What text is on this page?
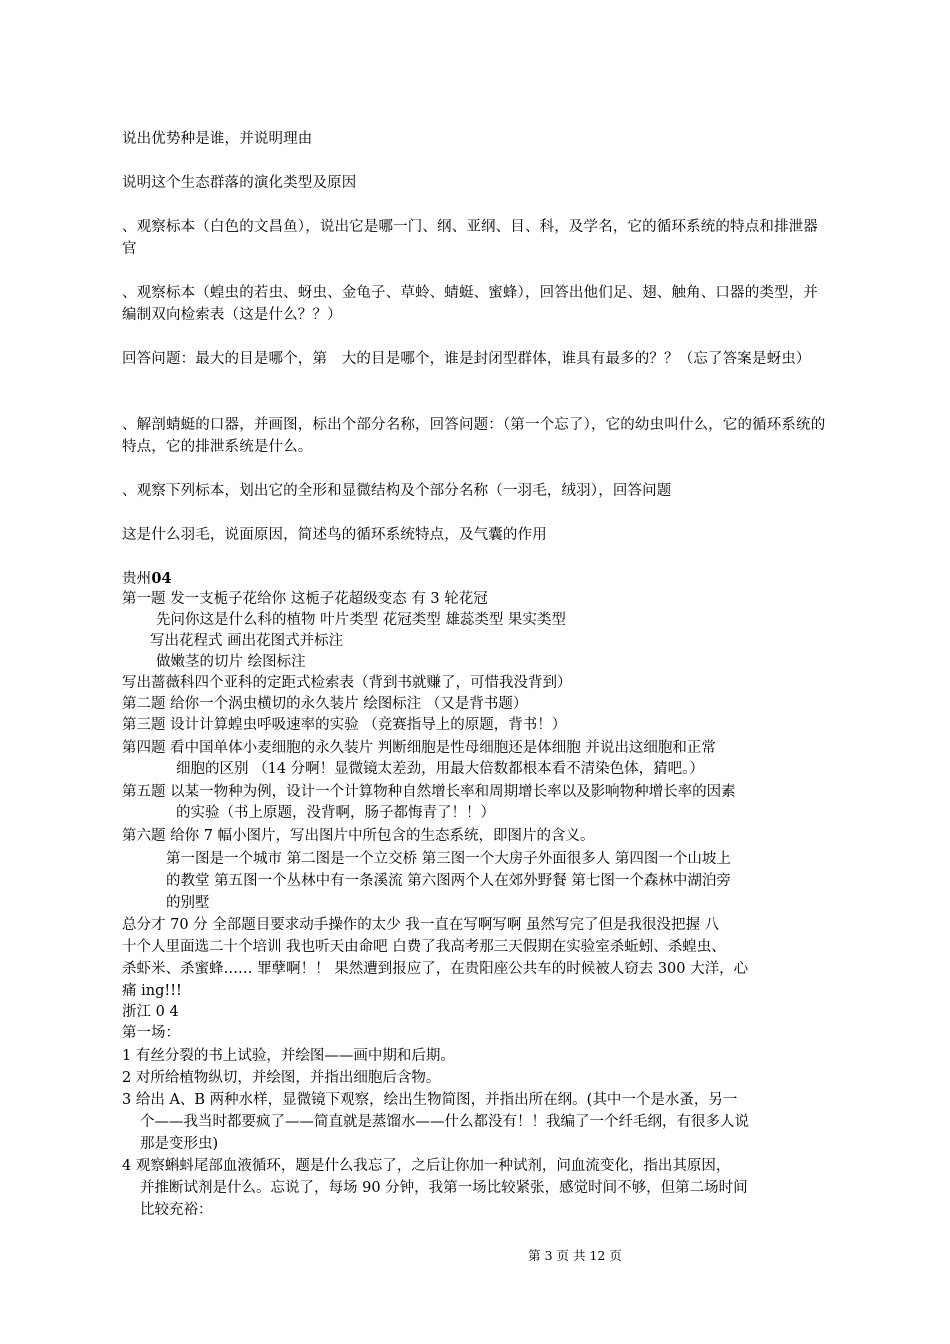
说出优势种是谁，并说明理由

说明这个生态群落的演化类型及原因

、观察标本（白色的文昌鱼），说出它是哪一门、纲、亚纲、目、科，及学名，它的循环系统的特点和排泄器官

、观察标本（蝗虫的若虫、蚜虫、金龟子、草蛉、蜻蜓、蜜蜂），回答出他们足、翅、触角、口器的类型，并编制双向检索表（这是什么？？）

回答问题：最大的目是哪个，第　大的目是哪个，谁是封闭型群体，谁具有最多的？？（忘了答案是蚜虫）

、解剖蜻蜓的口器，并画图，标出个部分名称，回答问题：（第一个忘了），它的幼虫叫什么，它的循环系统的特点，它的排泄系统是什么。

、观察下列标本，划出它的全形和显微结构及个部分名称（一羽毛，绒羽），回答问题

这是什么羽毛，说面原因，简述鸟的循环系统特点，及气囊的作用

贵州04

第一题 发一支栀子花给你 这栀子花超级变态 有 3 轮花冠

先问你这是什么科的植物 叶片类型 花冠类型 雄蕊类型 果实类型

写出花程式 画出花图式并标注

做嫩茎的切片 绘图标注

写出蔷薇科四个亚科的定距式检索表（背到书就赚了，可惜我没背到）

第二题 给你一个涡虫横切的永久装片 绘图标注 （又是背书题）

第三题 设计计算蝗虫呼吸速率的实验 （竞赛指导上的原题，背书！）

第四题 看中国单体小麦细胞的永久装片 判断细胞是性母细胞还是体细胞 并说出这细胞和正常

细胞的区别 （14 分啊！显微镜太差劲，用最大倍数都根本看不清染色体，猜吧。）

第五题 以某一物种为例，设计一个计算物种自然增长率和周期增长率以及影响物种增长率的因素

的实验（书上原题，没背啊，肠子都悔青了！！）

第六题 给你 7 幅小图片，写出图片中所包含的生态系统，即图片的含义。

第一图是一个城市 第二图是一个立交桥 第三图一个大房子外面很多人 第四图一个山坡上

的教堂 第五图一个丛林中有一条溪流 第六图两个人在郊外野餐 第七图一个森林中湖泊旁

的别墅

总分才 70 分 全部题目要求动手操作的太少 我一直在写啊写啊 虽然写完了但是我很没把握 八

十个人里面选二十个培训 我也听天由命吧 白费了我高考那三天假期在实验室杀蚯蚓、杀蝗虫、

杀虾米、杀蜜蜂…… 罪孽啊！！ 果然遭到报应了，在贵阳座公共车的时候被人窃去 300 大洋，心

痛 ing!!!

浙江 0 4

第一场：

1 有丝分裂的书上试验，并绘图——画中期和后期。

2 对所给植物纵切，并绘图，并指出细胞后含物。

3 给出 A、B 两种水样，显微镜下观察，绘出生物简图，并指出所在纲。(其中一个是水蚤，另一

个——我当时都要疯了——简直就是蒸馏水——什么都没有！！我编了一个纤毛纲，有很多人说

那是变形虫)

4 观察蝌蚪尾部血液循环，题是什么我忘了，之后让你加一种试剂，问血流变化，指出其原因，

并推断试剂是什么。忘说了，每场 90 分钟，我第一场比较紧张，感觉时间不够，但第二场时间

比较充裕：

第 3 页 共 12 页
